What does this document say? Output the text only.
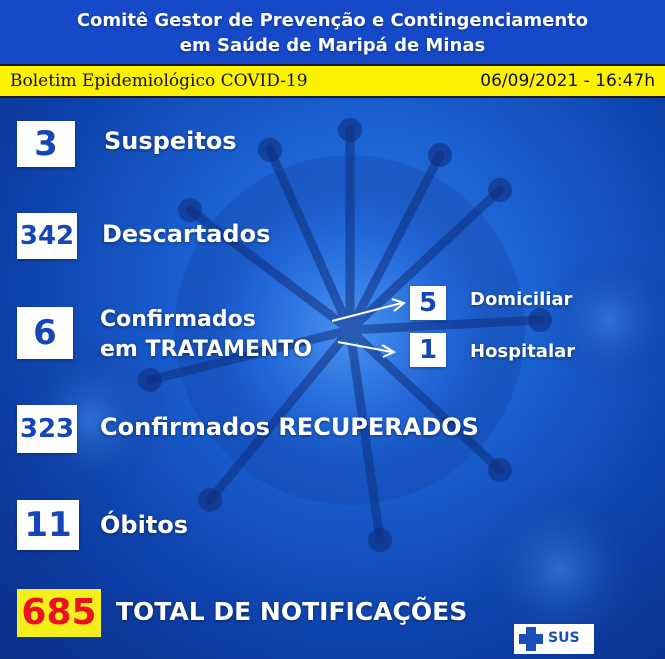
Comitê Gestor de Prevenção e Contingenciamento
em Saúde de Maripá de Minas
Boletim Epidemiológico COVID-19	06/09/2021 - 16:47h
3	Suspeitos
342 Descartados
6	Confirmados
em TRATAMENTO
5	Domiciliar
1	Hospitalar
323 Confirmados RECUPERADOS
11	Óbitos
685 TOTAL DE NOTIFICAÇÕES
SUS
